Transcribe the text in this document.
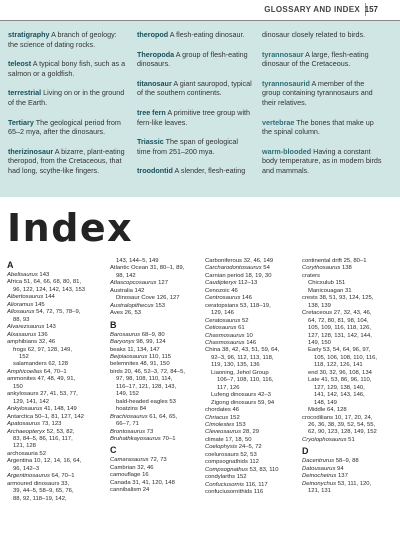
GLOSSARY AND INDEX 157

stratigraphy A branch of geology: the science of dating rocks.

teleost A typical bony fish, such as a salmon or a goldfish.

terrestrial Living on or in the ground of the Earth.

Tertiary The geological period from 65–2 mya, after the dinosaurs.

therizinosaur A bizarre, plant-eating theropod, from the Cretaceous, that had long, scythe-like fingers.

theropod A flesh-eating dinosaur.

Theropoda A group of flesh-eating dinosaurs.

titanosaur A giant sauropod, typical of the southern continents.

tree fern A primitive tree group with fern-like leaves.

Triassic The span of geological time from 251–200 mya.

troodontid A slender, flesh-eating

dinosaur closely related to birds.

tyrannosaur A large, flesh-eating dinosaur of the Cretaceous.

tyrannosaurid A member of the group containing tyrannosaurs and their relatives.

vertebrae The bones that make up the spinal column.

warm-blooded Having a constant body temperature, as in modern birds and mammals.

Index
A
Abelisaurus 143
Africa 51, 64, 66, 68, 80, 81,
96, 122, 124, 142, 143, 153
Albertosaurus 144
Alioramus 145
Allosaurus 54, 72, 75, 78–9,
88, 93
Alvarezsaurus 143
Alxasaurus 136
amphibians 32, 46
frogs 62, 97, 128, 149,
152
salamanders 62, 128
Amphicoelias 64, 70–1
ammonites 47, 48, 49, 91,
150
ankylosaurs 27, 41, 53, 77,
129, 141, 142
Ankylosaurus 41, 148, 149
Antarctica 50–1, 81, 127, 142
Apatosaurus 73, 123
Archaeopteryx 52, 53, 82,
83, 84–5, 86, 116, 117,
121, 128
archosauria 52
Argentina 10, 12, 14, 16, 64,
96, 142–3
Argentinosaurus 64, 70–1
armoured dinosaurs 33,
39, 44–5, 58–9, 65, 76,
88, 92, 118–19, 142,
143, 144–5, 149
Atlantic Ocean 31, 80–1, 89,
98, 142
Atlascopcosaurus 127
Australia 142
Dinosaur Cove 126, 127
Australopithecus 153
Aves 26, 53
B
Barosaurus 68–9, 80
Baryonyx 98, 99, 124
beaks 11, 134, 147
Beipiaosaurus 110, 115
belemnites 48, 91, 150
birds 20, 46, 52–3, 72, 84–5,
97, 98, 108, 110, 114,
116–17, 121, 128, 143,
149, 152
bald-headed eagles 53
hoatzins 84
Brachiosaurus 61, 64, 65,
66–7, 71
Brontosaurus 73
Bruhathkayosaurus 70–1
C
Camarasaurus 72, 73
Cambrian 32, 46
camouflage 16
Canada 31, 41, 120, 148
cannibalism 24
Carboniferous 32, 46, 149
Carcharodontosaurus 54
Carnian period 18, 19, 30
Caudipteryx 112–13
Cenozoic 46
Centrosaurus 146
ceratopsians 53, 118–19,
129, 146
Ceratosaurus 52
Cetiosaurus 61
Chasmosaurus 10
Chasmosaurus 146
China 38, 42, 43, 51, 59, 64,
92–3, 96, 112, 113, 118,
119, 130, 135, 136
Liaoning, Jehol Group
106–7, 108, 110, 116,
117, 126
Lufeng dinosaurs 42–3
Zigong dinosaurs 59, 94
chordates 46
Chriacus 152
Cimolestes 153
Cleveosaurus 28, 29
climate 17, 18, 50
Coelophysis 24–5, 72
coelurosaurs 52, 53
compsognathids 112
Compsognathus 53, 83, 110
condylarths 152
Confuciusornis 116, 117
confuciusornithids 116
continental drift 25, 80–1
Corythosaurus 138
craters
Chicxulub 151
Manicouagan 31
crests 38, 51, 93, 124, 125,
138, 139
Cretaceous 27, 32, 43, 46,
64, 72, 80, 81, 98, 104,
105, 109, 116, 118, 126,
127, 128, 131, 142, 144,
149, 150
Early 53, 54, 64, 96, 97,
105, 106, 108, 110, 116,
118, 122, 126, 141
end 30, 32, 96, 108, 134
Late 41, 53, 86, 96, 110,
127, 129, 138, 140,
141, 142, 143, 146,
148, 149
Middle 64, 128
crocodilians 10, 17, 20, 24,
26, 36, 38, 39, 52, 54, 55,
62, 90, 123, 128, 149, 152
Cryolophosaurus 51
D
Dacentrurus 58–9, 88
Datousaurus 94
Deinocheirus 137
Deinonychus 53, 111, 120,
121, 131
